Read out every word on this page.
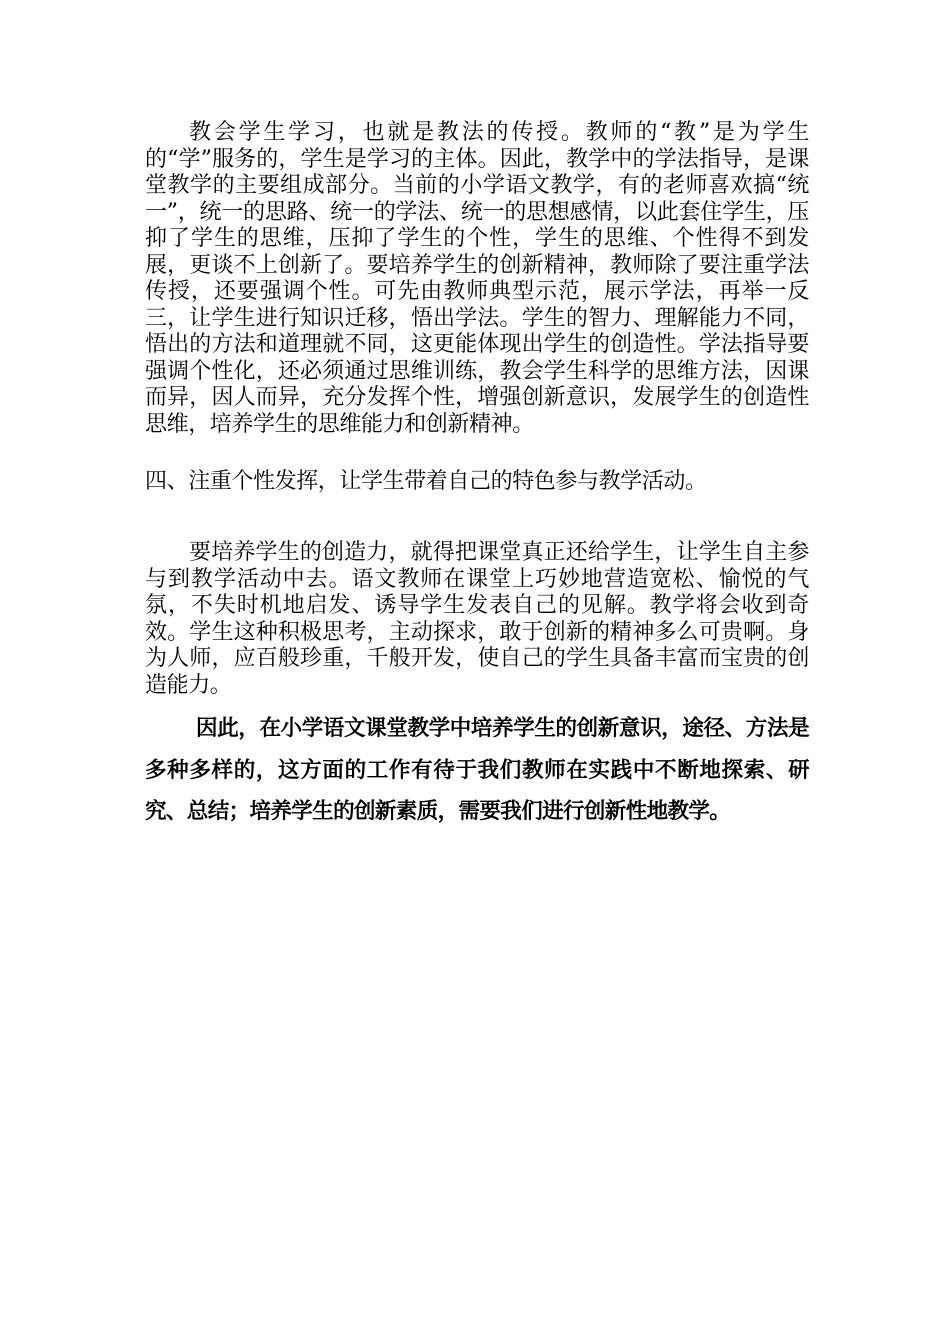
教会学生学习，也就是教法的传授。教师的“教”是为学生的“学”服务的，学生是学习的主体。因此，教学中的学法指导，是课堂教学的主要组成部分。当前的小学语文教学，有的老师喜欢搞“统一”，统一的思路、统一的学法、统一的思想感情，以此套住学生，压抑了学生的思维，压抑了学生的个性，学生的思维、个性得不到发展，更谈不上创新了。要培养学生的创新精神，教师除了要注重学法传授，还要强调个性。可先由教师典型示范，展示学法，再举一反三，让学生进行知识迁移，悟出学法。学生的智力、理解能力不同，悟出的方法和道理就不同，这更能体现出学生的创造性。学法指导要强调个性化，还必须通过思维训练，教会学生科学的思维方法，因课而异，因人而异，充分发挥个性，增强创新意识，发展学生的创造性思维，培养学生的思维能力和创新精神。

四、注重个性发挥，让学生带着自己的特色参与教学活动。

要培养学生的创造力，就得把课堂真正还给学生，让学生自主参与到教学活动中去。语文教师在课堂上巧妙地营造宽松、愉悦的气氛，不失时机地启发、诱导学生发表自己的见解。教学将会收到奇效。学生这种积极思考，主动探求，敢于创新的精神多么可贵啊。身为人师，应百般珍重，千般开发，使自己的学生具备丰富而宝贵的创造能力。

因此，在小学语文课堂教学中培养学生的创新意识，途径、方法是多种多样的，这方面的工作有待于我们教师在实践中不断地探索、研究、总结；培养学生的创新素质，需要我们进行创新性地教学。
